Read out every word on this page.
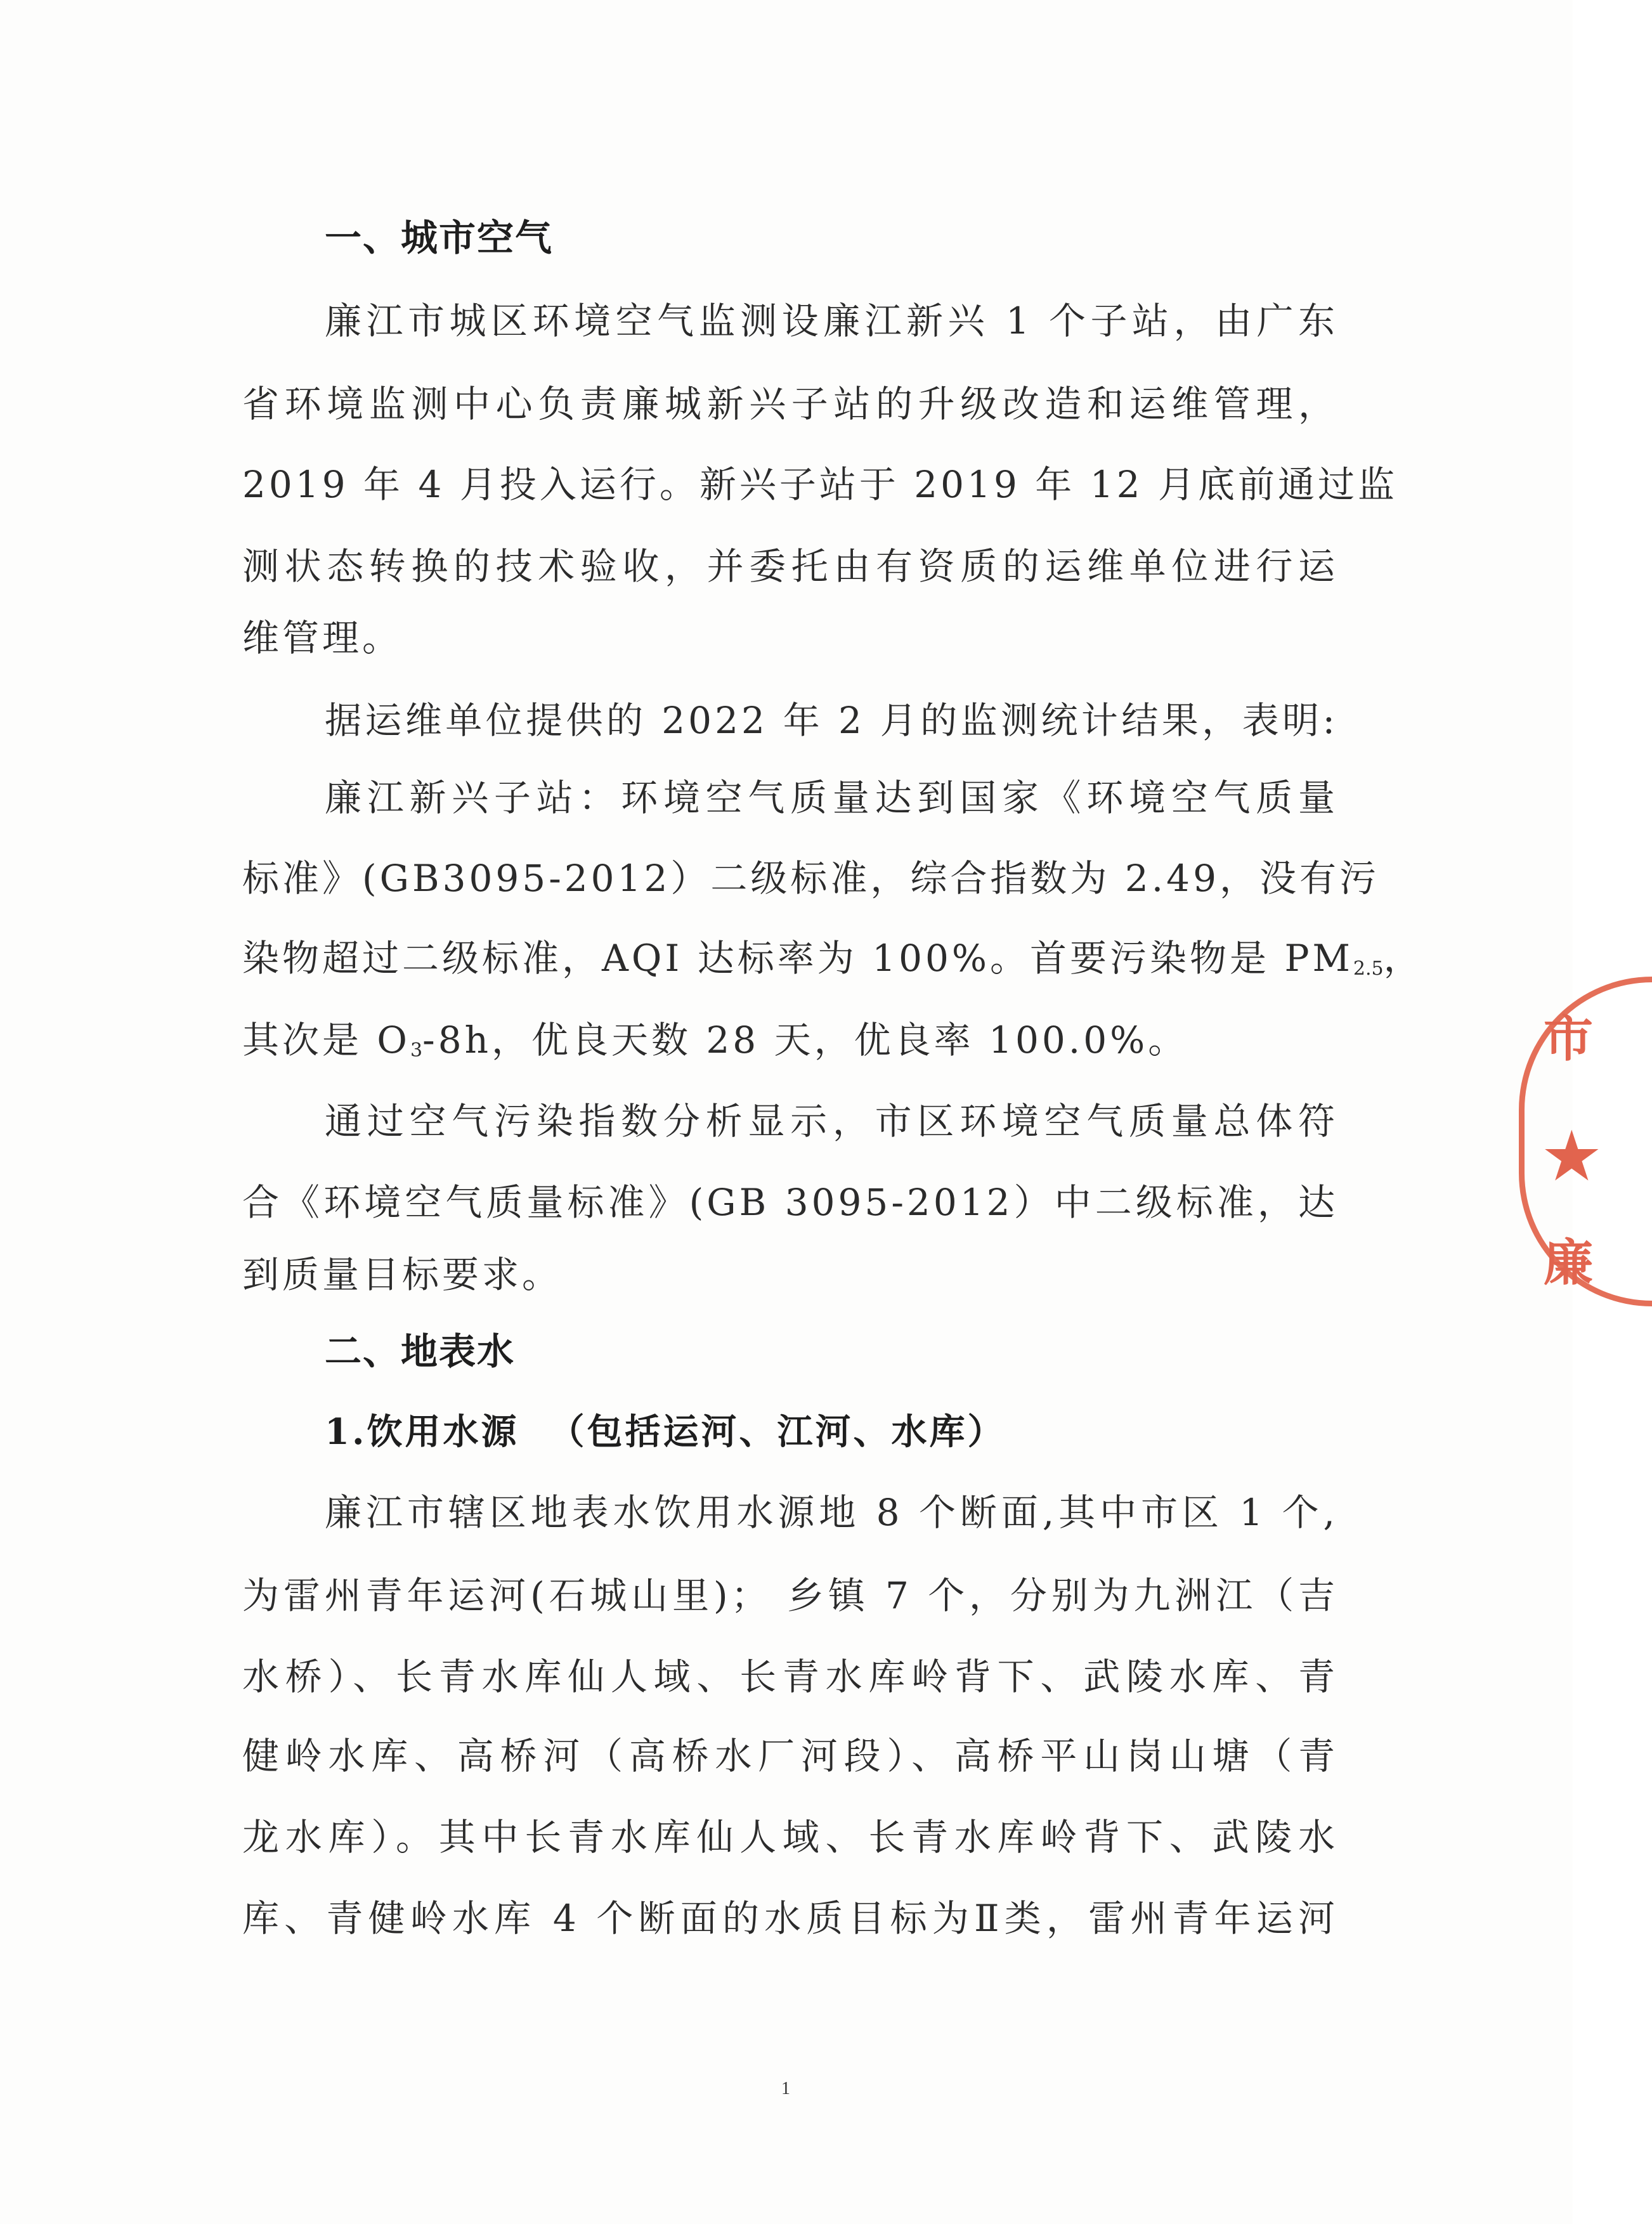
一、城市空气
廉江市城区环境空气监测设廉江新兴 1 个子站，由广东
省环境监测中心负责廉城新兴子站的升级改造和运维管理，
2019 年 4 月投入运行。新兴子站于 2019 年 12 月底前通过监
测状态转换的技术验收，并委托由有资质的运维单位进行运
维管理。
据运维单位提供的 2022 年 2 月的监测统计结果，表明:
廉江新兴子站：环境空气质量达到国家《环境空气质量
标准》(GB3095-2012）二级标准，综合指数为 2.49，没有污
染物超过二级标准，AQI 达标率为 100%。首要污染物是 $PM_{2.5}$，
其次是 $O_3-8h$，优良天数 28 天，优良率 100.0%。
通过空气污染指数分析显示，市区环境空气质量总体符
合《环境空气质量标准》(GB 3095-2012）中二级标准，达
到质量目标要求。
二、地表水
1.饮用水源  （包括运河、江河、水库）
廉江市辖区地表水饮用水源地 8 个断面,其中市区 1 个,
为雷州青年运河(石城山里)； 乡镇 7 个，分别为九洲江（吉
水桥）、长青水库仙人域、长青水库岭背下、武陵水库、青
健岭水库、高桥河（高桥水厂河段）、高桥平山岗山塘（青
龙水库）。其中长青水库仙人域、长青水库岭背下、武陵水
库、青健岭水库 4 个断面的水质目标为Ⅱ类，雷州青年运河
市
★
廉
1
